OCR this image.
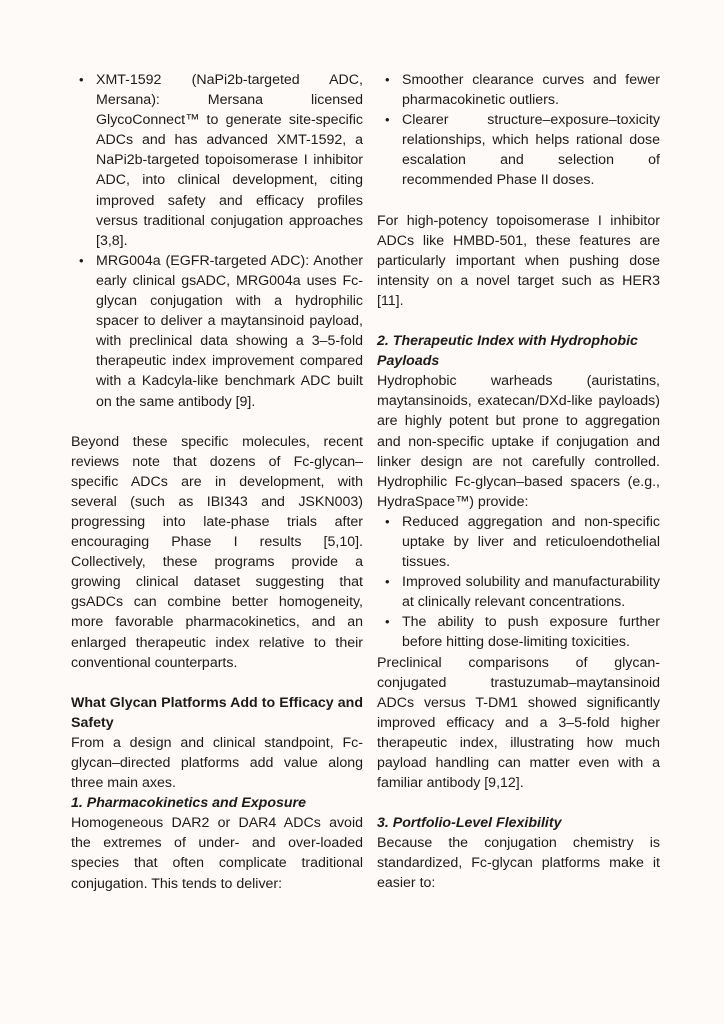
• XMT-1592 (NaPi2b-targeted ADC, Mersana): Mersana licensed GlycoConnect™ to generate site-specific ADCs and has advanced XMT-1592, a NaPi2b-targeted topoisomerase I inhibitor ADC, into clinical development, citing improved safety and efficacy profiles versus traditional conjugation approaches [3,8].
• MRG004a (EGFR-targeted ADC): Another early clinical gsADC, MRG004a uses Fc-glycan conjugation with a hydrophilic spacer to deliver a maytansinoid payload, with preclinical data showing a 3–5-fold therapeutic index improvement compared with a Kadcyla-like benchmark ADC built on the same antibody [9].

Beyond these specific molecules, recent reviews note that dozens of Fc-glycan–specific ADCs are in development, with several (such as IBI343 and JSKN003) progressing into late-phase trials after encouraging Phase I results [5,10]. Collectively, these programs provide a growing clinical dataset suggesting that gsADCs can combine better homogeneity, more favorable pharmacokinetics, and an enlarged therapeutic index relative to their conventional counterparts.

What Glycan Platforms Add to Efficacy and Safety

From a design and clinical standpoint, Fc-glycan–directed platforms add value along three main axes.

1. Pharmacokinetics and Exposure

Homogeneous DAR2 or DAR4 ADCs avoid the extremes of under- and over-loaded species that often complicate traditional conjugation. This tends to deliver:

• Smoother clearance curves and fewer pharmacokinetic outliers.
• Clearer structure–exposure–toxicity relationships, which helps rational dose escalation and selection of recommended Phase II doses.

For high-potency topoisomerase I inhibitor ADCs like HMBD-501, these features are particularly important when pushing dose intensity on a novel target such as HER3 [11].

2. Therapeutic Index with Hydrophobic Payloads

Hydrophobic warheads (auristatins, maytansinoids, exatecan/DXd-like payloads) are highly potent but prone to aggregation and non-specific uptake if conjugation and linker design are not carefully controlled. Hydrophilic Fc-glycan–based spacers (e.g., HydraSpace™) provide:

• Reduced aggregation and non-specific uptake by liver and reticuloendothelial tissues.
• Improved solubility and manufacturability at clinically relevant concentrations.
• The ability to push exposure further before hitting dose-limiting toxicities.

Preclinical comparisons of glycan-conjugated trastuzumab–maytansinoid ADCs versus T-DM1 showed significantly improved efficacy and a 3–5-fold higher therapeutic index, illustrating how much payload handling can matter even with a familiar antibody [9,12].

3. Portfolio-Level Flexibility

Because the conjugation chemistry is standardized, Fc-glycan platforms make it easier to:
